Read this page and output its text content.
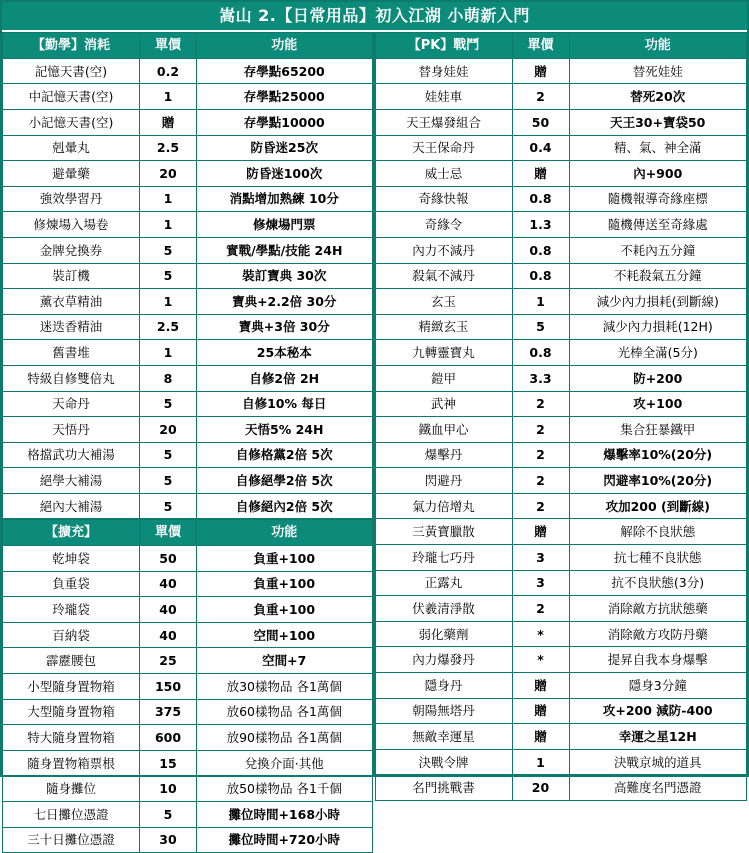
嵩山 2.【日常用品】初入江湖 小萌新入門
【勤學】消耗	單價	功能
記憶天書(空)	0.2	存學點65200
中記憶天書(空)	1	存學點25000
小記憶天書(空)	贈	存學點10000
剋暈丸	2.5	防昏迷25次
避暈藥	20	防昏迷100次
強效學習丹	1	消點增加熟練 10分
修煉場入場卷	1	修煉場門票
金牌兌換券	5	實戰/學點/技能 24H
裝訂機	5	裝訂寶典 30次
薰衣草精油	1	寶典+2.2倍 30分
迷迭香精油	2.5	寶典+3倍 30分
舊書堆	1	25本秘本
特級自修雙倍丸	8	自修2倍 2H
天命丹	5	自修10% 每日
天悟丹	20	天悟5% 24H
格擋武功大補湯	5	自修格黨2倍 5次
絕學大補湯	5	自修絕學2倍 5次
絕內大補湯	5	自修絕內2倍 5次
【擴充】	單價	功能
乾坤袋	50	負重+100
負重袋	40	負重+100
玲瓏袋	40	負重+100
百納袋	40	空間+100
霹靂腰包	25	空間+7
小型隨身置物箱	150	放30樣物品 各1萬個
大型隨身置物箱	375	放60樣物品 各1萬個
特大隨身置物箱	600	放90樣物品 各1萬個
隨身置物箱票根	15	兌換介面·其他
隨身攤位	10	放50樣物品 各1千個
七日攤位憑證	5	攤位時間+168小時
三十日攤位憑證	30	攤位時間+720小時
【PK】戰鬥	單價	功能
替身娃娃	贈	替死娃娃
娃娃車	2	替死20次
天王爆發組合	50	天王30+寶袋50
天王保命丹	0.4	精、氣、神全滿
威士忌	贈	內+900
奇緣快報	0.8	隨機報導奇緣座標
奇緣令	1.3	隨機傳送至奇緣處
內力不減丹	0.8	不耗內五分鐘
殺氣不減丹	0.8	不耗殺氣五分鐘
玄玉	1	減少內力損耗(到斷線)
精緻玄玉	5	減少內力損耗(12H)
九轉靈寶丸	0.8	光棒全滿(5分)
鎧甲	3.3	防+200
武神	2	攻+100
鐵血甲心	2	集合狂暴鐵甲
爆擊丹	2	爆擊率10%(20分)
閃避丹	2	閃避率10%(20分)
氣力倍增丸	2	攻加200 (到斷線)
三黃寶臘散	贈	解除不良狀態
玲瓏七巧丹	3	抗七種不良狀態
正露丸	3	抗不良狀態(3分)
伏羲清淨散	2	消除敵方抗狀態藥
弱化藥劑	*	消除敵方攻防丹藥
內力爆發丹	*	提昇自我本身爆擊
隱身丹	贈	隱身3分鐘
朝陽無塔丹	贈	攻+200 減防-400
無敵幸運星	贈	幸運之星12H
決戰令牌	1	決戰京城的道具
名門挑戰書	20	高難度名門憑證
